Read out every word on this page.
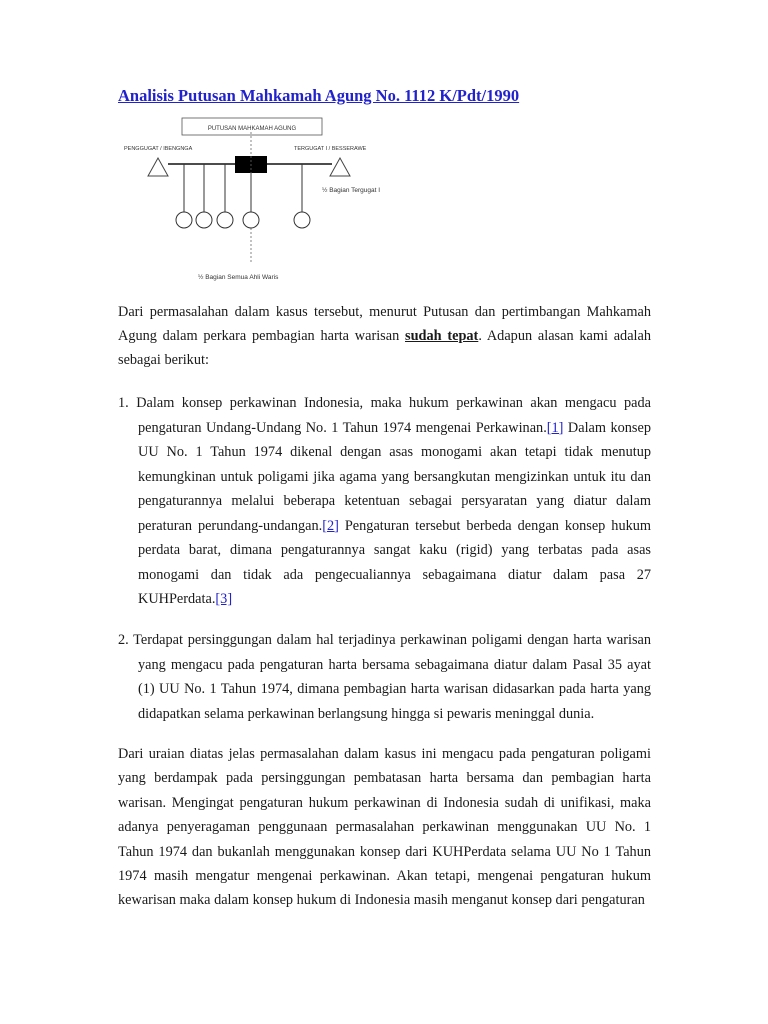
Analisis Putusan Mahkamah Agung No. 1112 K/Pdt/1990
PUTUSAN MAHKAMAH AGUNG
PENGGUGAT / IBENGNGA	TERGUGAT I / BESSERAWE
½ Bagian Tergugat I
½ Bagian Semua Ahli Waris

Dari permasalahan dalam kasus tersebut, menurut Putusan dan pertimbangan Mahkamah Agung dalam perkara pembagian harta warisan sudah tepat. Adapun alasan kami adalah sebagai berikut:

1. Dalam konsep perkawinan Indonesia, maka hukum perkawinan akan mengacu pada pengaturan Undang-Undang No. 1 Tahun 1974 mengenai Perkawinan.[1] Dalam konsep UU No. 1 Tahun 1974 dikenal dengan asas monogami akan tetapi tidak menutup kemungkinan untuk poligami jika agama yang bersangkutan mengizinkan untuk itu dan pengaturannya melalui beberapa ketentuan sebagai persyaratan yang diatur dalam peraturan perundang-undangan.[2] Pengaturan tersebut berbeda dengan konsep hukum perdata barat, dimana pengaturannya sangat kaku (rigid) yang terbatas pada asas monogami dan tidak ada pengecualiannya sebagaimana diatur dalam pasa 27 KUHPerdata.[3]

2. Terdapat persinggungan dalam hal terjadinya perkawinan poligami dengan harta warisan yang mengacu pada pengaturan harta bersama sebagaimana diatur dalam Pasal 35 ayat (1) UU No. 1 Tahun 1974, dimana pembagian harta warisan didasarkan pada harta yang didapatkan selama perkawinan berlangsung hingga si pewaris meninggal dunia.

Dari uraian diatas jelas permasalahan dalam kasus ini mengacu pada pengaturan poligami yang berdampak pada persinggungan pembatasan harta bersama dan pembagian harta warisan. Mengingat pengaturan hukum perkawinan di Indonesia sudah di unifikasi, maka adanya penyeragaman penggunaan permasalahan perkawinan menggunakan UU No. 1 Tahun 1974 dan bukanlah menggunakan konsep dari KUHPerdata selama UU No 1 Tahun 1974 masih mengatur mengenai perkawinan. Akan tetapi, mengenai pengaturan hukum kewarisan maka dalam konsep hukum di Indonesia masih menganut konsep dari pengaturan
